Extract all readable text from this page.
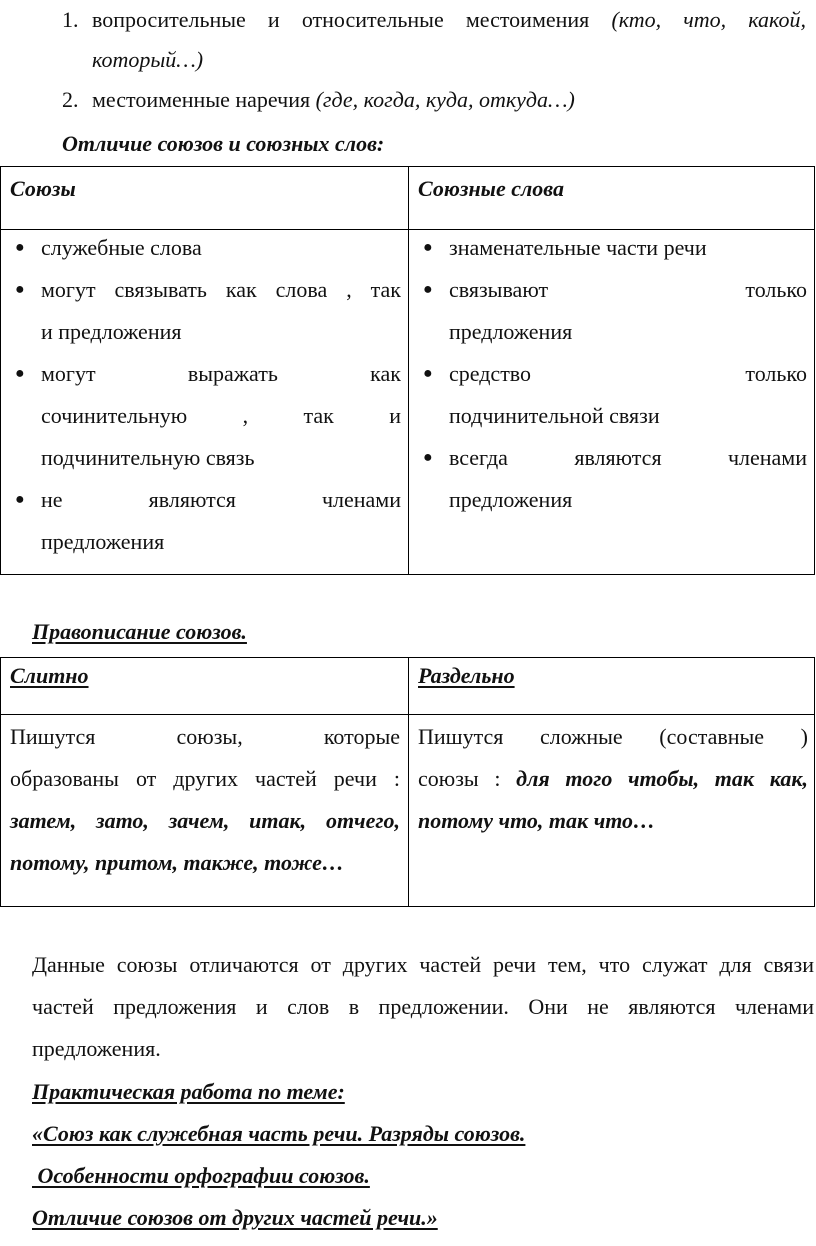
1. вопросительные и относительные местоимения (кто, что, какой,
который…)
2. местоименные наречия (где, когда, куда, откуда…)
Отличие союзов и союзных слов:
Союзы	Союзные слова
● служебные слова
● могут связывать как слова , так
и предложения
● могут выражать как
сочинительную , так и
подчинительную связь
● не являются членами
предложения
● знаменательные части речи
● связывают только
предложения
● средство только
подчинительной связи
● всегда являются членами
предложения
Правописание союзов.
Слитно	Раздельно
Пишутся союзы, которые
образованы от других частей речи :
затем, зато, зачем, итак, отчего,
потому, притом, также, тоже…
Пишутся сложные (составные )
союзы : для того чтобы, так как,
потому что, так что…
Данные союзы отличаются от других частей речи тем, что служат для связи
частей предложения и слов в предложении. Они не являются членами
предложения.
Практическая работа по теме:
«Союз как служебная часть речи. Разряды союзов.
Особенности орфографии союзов.
Отличие союзов от других частей речи.»
